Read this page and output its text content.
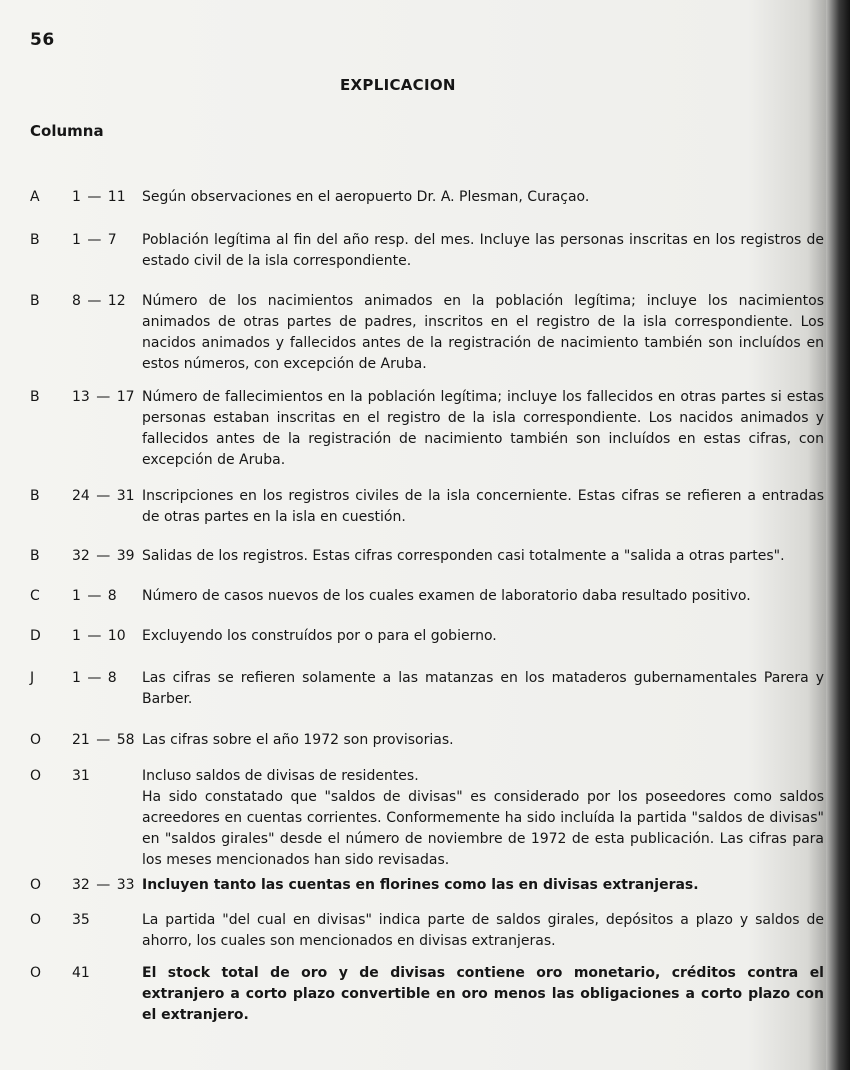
56
EXPLICACION
Columna
A	1 — 11	Según observaciones en el aeropuerto Dr. A. Plesman, Curaçao.

B	1 — 7	Población legítima al fin del año resp. del mes. Incluye las personas inscritas en los registros de estado civil de la isla correspondiente.

B	8 — 12	Número de los nacimientos animados en la población legítima; incluye los nacimientos animados de otras partes de padres, inscritos en el registro de la isla correspondiente. Los nacidos animados y fallecidos antes de la registración de nacimiento también son incluídos en estos números, con excepción de Aruba.

B	13 — 17 Número de fallecimientos en la población legítima; incluye los fallecidos en otras partes si estas personas estaban inscritas en el registro de la isla correspondiente. Los nacidos animados y fallecidos antes de la registración de nacimiento también son incluídos en estas cifras, con excepción de Aruba.

B	24 — 31 Inscripciones en los registros civiles de la isla concerniente. Estas cifras se refieren a entradas de otras partes en la isla en cuestión.

B	32 — 39 Salidas de los registros. Estas cifras corresponden casi totalmente a "salida a otras partes".

C	1 — 8	Número de casos nuevos de los cuales examen de laboratorio daba resultado positivo.

D	1 — 10	Excluyendo los construídos por o para el gobierno.

J	1 — 8	Las cifras se refieren solamente a las matanzas en los mataderos gubernamentales Parera y Barber.

O	21 — 58 Las cifras sobre el año 1972 son provisorias.

O	31	Incluso saldos de divisas de residentes.

Ha sido constatado que "saldos de divisas" es considerado por los poseedores como saldos acreedores en cuentas corrientes. Conformemente ha sido incluída la partida "saldos de divisas" en "saldos girales" desde el número de noviembre de 1972 de esta publicación. Las cifras para los meses mencionados han sido revisadas.

O	32 — 33 Incluyen tanto las cuentas en florines como las en divisas extranjeras.

O	35	La partida "del cual en divisas" indica parte de saldos girales, depósitos a plazo y saldos de ahorro, los cuales son mencionados en divisas extranjeras.

O	41	El stock total de oro y de divisas contiene oro monetario, créditos contra el extranjero a corto plazo convertible en oro menos las obligaciones a corto plazo con el extranjero.
